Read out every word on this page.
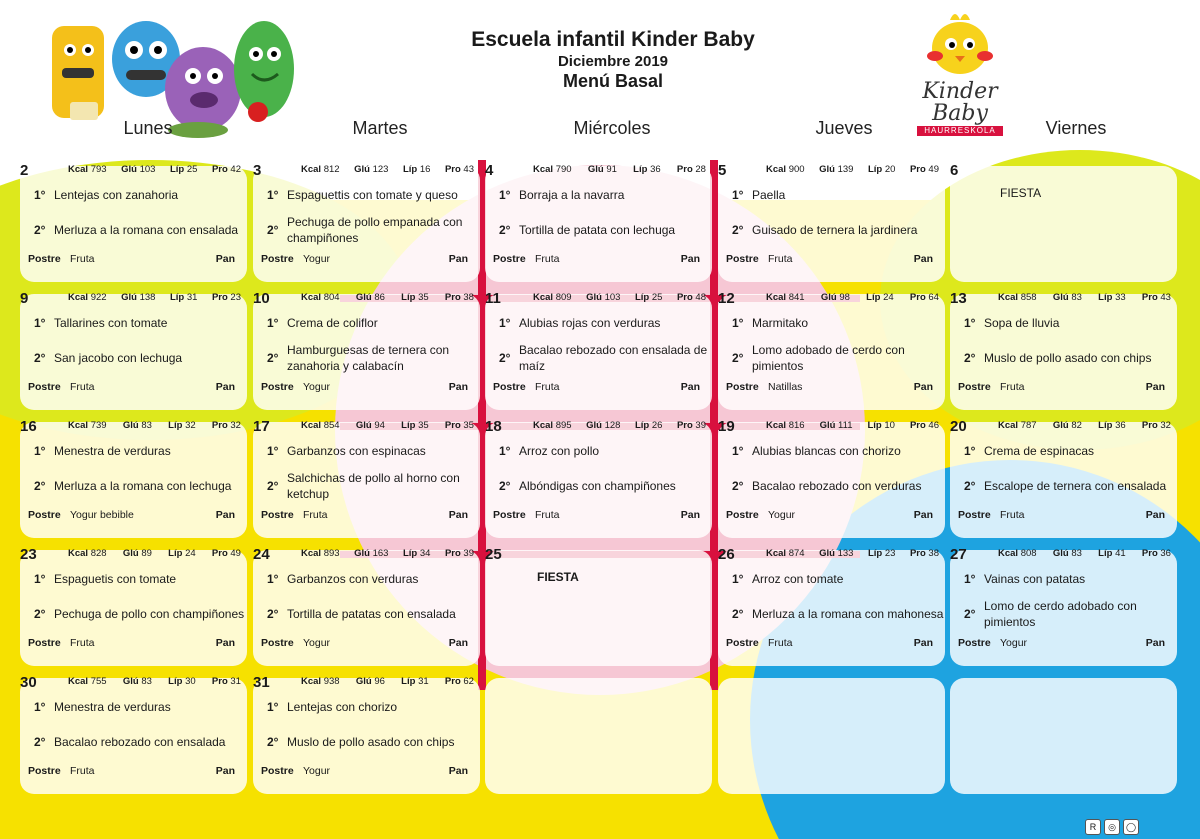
Kinder Baby
HAURRESKOLA
Escuela infantil Kinder Baby
Diciembre 2019
Menú Basal
Lunes	Martes	Miércoles	Jueves	Viernes
2	Kcal 793 Glú 103 Líp 25 Pro 42
1° Lentejas con zanahoria
2° Merluza a la romana con ensalada
Postre Fruta	Pan
3	Kcal 812 Glú 123 Líp 16 Pro 43
1° Espaguettis con tomate y queso
2°
Pechuga de pollo empanada con champiñones
Postre Yogur	Pan
4	Kcal 790 Glú 91 Líp 36 Pro 28
1° Borraja a la navarra
2° Tortilla de patata con lechuga
Postre Fruta	Pan
5	Kcal 900 Glú 139 Líp 20 Pro 49
1° Paella
2° Guisado de ternera la jardinera
Postre Fruta	Pan
6
FIESTA
9	Kcal 922 Glú 138 Líp 31 Pro 23
1° Tallarines con tomate
2° San jacobo con lechuga
Postre Fruta	Pan
10	Kcal 804 Glú 86 Líp 35 Pro 38
1° Crema de coliflor
2°
Hamburguesas de ternera con zanahoria y calabacín
Postre Yogur	Pan
11	Kcal 809 Glú 103 Líp 25 Pro 48
1° Alubias rojas con verduras
2°
Bacalao rebozado con ensalada de maíz
Postre Fruta	Pan
12	Kcal 841 Glú 98 Líp 24 Pro 64
1° Marmitako
2°
Lomo adobado de cerdo con pimientos
Postre Natillas	Pan
13	Kcal 858 Glú 83 Líp 33 Pro 43
1° Sopa de lluvia
2° Muslo de pollo asado con chips
Postre Fruta	Pan
16	Kcal 739 Glú 83 Líp 32 Pro 32
1° Menestra de verduras
2° Merluza a la romana con lechuga
Postre Yogur bebible	Pan
17	Kcal 854 Glú 94 Líp 35 Pro 35
1° Garbanzos con espinacas
2°
Salchichas de pollo al horno con ketchup
Postre Fruta	Pan
18	Kcal 895 Glú 128 Líp 26 Pro 39
1° Arroz con pollo
2° Albóndigas con champiñones
Postre Fruta	Pan
19	Kcal 816 Glú 111 Líp 10 Pro 46
1° Alubias blancas con chorizo
2° Bacalao rebozado con verduras
Postre Yogur	Pan
20	Kcal 787 Glú 82 Líp 36 Pro 32
1° Crema de espinacas
2° Escalope de ternera con ensalada
Postre Fruta	Pan
23	Kcal 828 Glú 89 Líp 24 Pro 49
1° Espaguetis con tomate
2° Pechuga de pollo con champiñones
Postre Fruta	Pan
24	Kcal 893 Glú 163 Líp 34 Pro 39
1° Garbanzos con verduras
2° Tortilla de patatas con ensalada
Postre Yogur	Pan
25
FIESTA
26	Kcal 874 Glú 133 Líp 23 Pro 38
1° Arroz con tomate
2° Merluza a la romana con mahonesa
Postre Fruta	Pan
27	Kcal 808 Glú 83 Líp 41 Pro 36
1° Vainas con patatas
2°
Lomo de cerdo adobado con pimientos
Postre Yogur	Pan
30	Kcal 755 Glú 83 Líp 30 Pro 31
1° Menestra de verduras
2° Bacalao rebozado con ensalada
Postre Fruta	Pan
31	Kcal 938 Glú 96 Líp 31 Pro 62
1° Lentejas con chorizo
2° Muslo de pollo asado con chips
Postre Yogur	Pan
R	◎	◯
